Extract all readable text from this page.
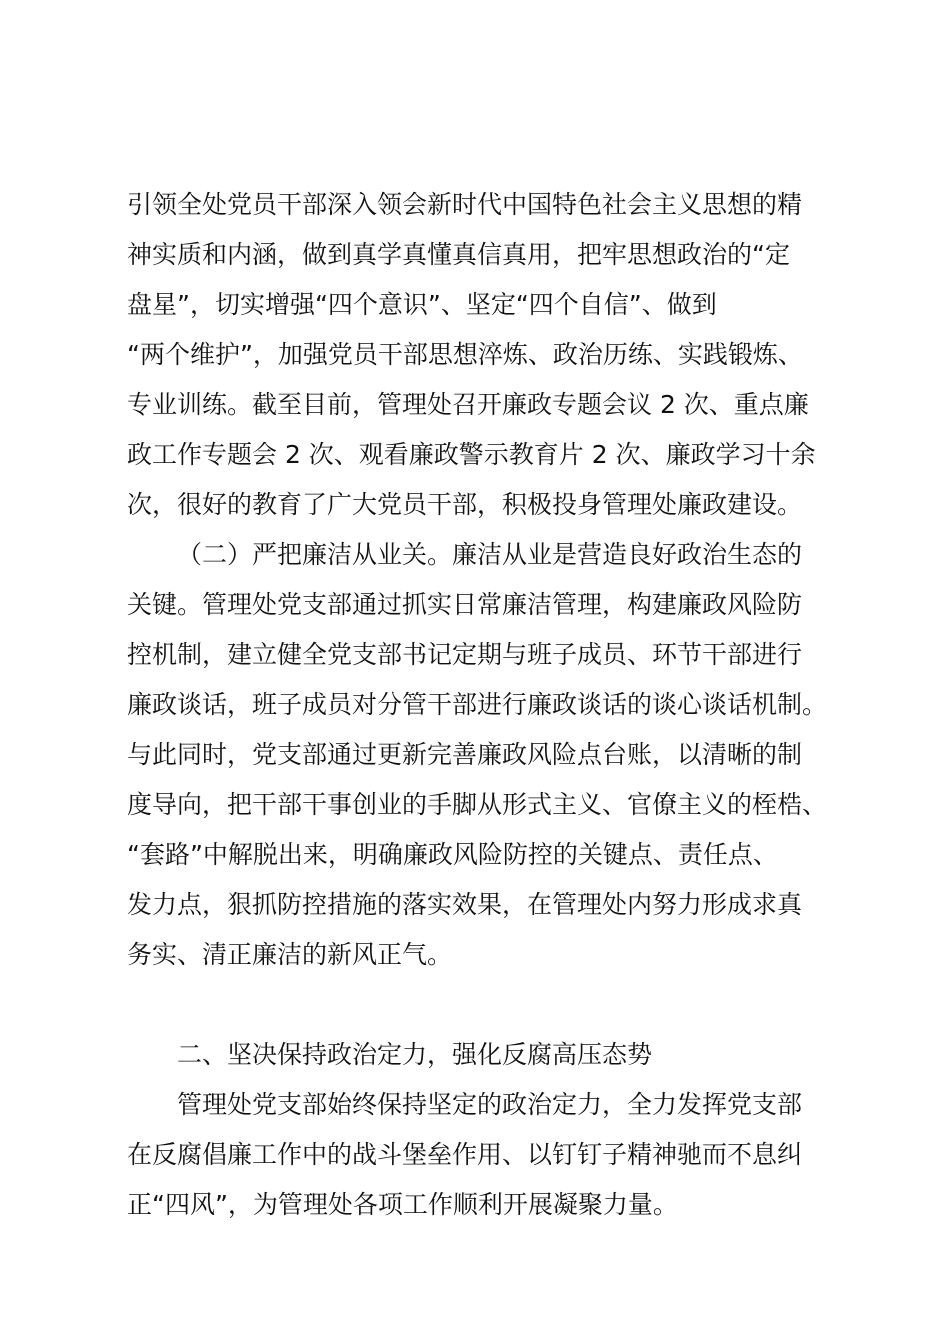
引领全处党员干部深入领会新时代中国特色社会主义思想的精
神实质和内涵，做到真学真懂真信真用，把牢思想政治的“定
盘星”，切实增强“四个意识”、坚定“四个自信”、做到
“两个维护”，加强党员干部思想淬炼、政治历练、实践锻炼、
专业训练。截至目前，管理处召开廉政专题会议 2 次、重点廉
政工作专题会 2 次、观看廉政警示教育片 2 次、廉政学习十余
次，很好的教育了广大党员干部，积极投身管理处廉政建设。
（二）严把廉洁从业关。廉洁从业是营造良好政治生态的
关键。管理处党支部通过抓实日常廉洁管理，构建廉政风险防
控机制，建立健全党支部书记定期与班子成员、环节干部进行
廉政谈话，班子成员对分管干部进行廉政谈话的谈心谈话机制。
与此同时，党支部通过更新完善廉政风险点台账，以清晰的制
度导向，把干部干事创业的手脚从形式主义、官僚主义的桎梏、
“套路”中解脱出来，明确廉政风险防控的关键点、责任点、
发力点，狠抓防控措施的落实效果，在管理处内努力形成求真
务实、清正廉洁的新风正气。
二、坚决保持政治定力，强化反腐高压态势
管理处党支部始终保持坚定的政治定力，全力发挥党支部
在反腐倡廉工作中的战斗堡垒作用、以钉钉子精神驰而不息纠
正“四风”，为管理处各项工作顺利开展凝聚力量。
